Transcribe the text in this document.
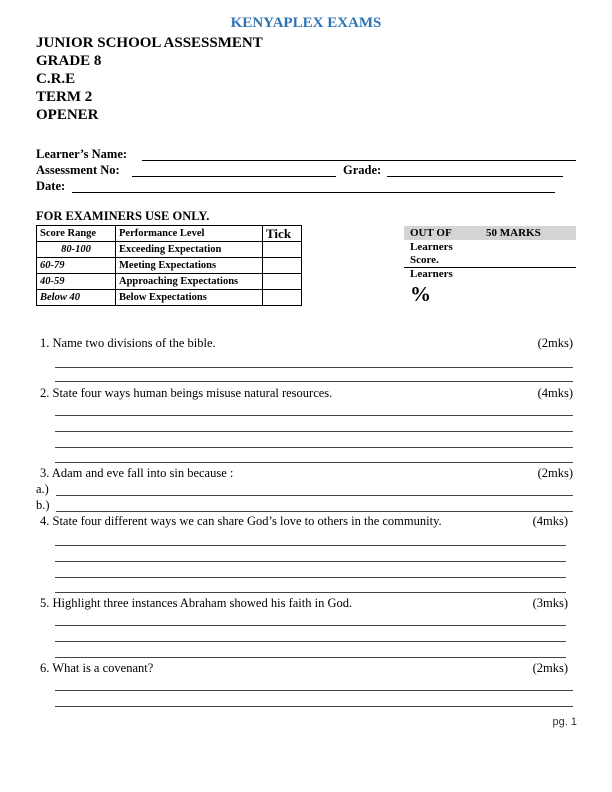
KENYAPLEX EXAMS
JUNIOR SCHOOL ASSESSMENT
GRADE 8
C.R.E
TERM 2
OPENER
Learner’s Name:
Assessment No:	Grade:
Date:
FOR EXAMINERS USE ONLY.
Score Range	Performance Level	Tick
80-100	Exceeding Expectation	
60-79	Meeting Expectations	
40-59	Approaching Expectations	
Below 40	Below Expectations	
OUT OF	50 MARKS
Learners
Score.
Learners
%
1. Name two divisions of the bible.	(2mks)
2. State four ways human beings misuse natural resources.	(4mks)
3. Adam and eve fall into sin because :	(2mks)
a.)
b.)
4. State four different ways we can share God’s love to others in the community.	(4mks)
5. Highlight three instances Abraham showed his faith in God.	(3mks)
6. What is a covenant?	(2mks)
pg. 1
